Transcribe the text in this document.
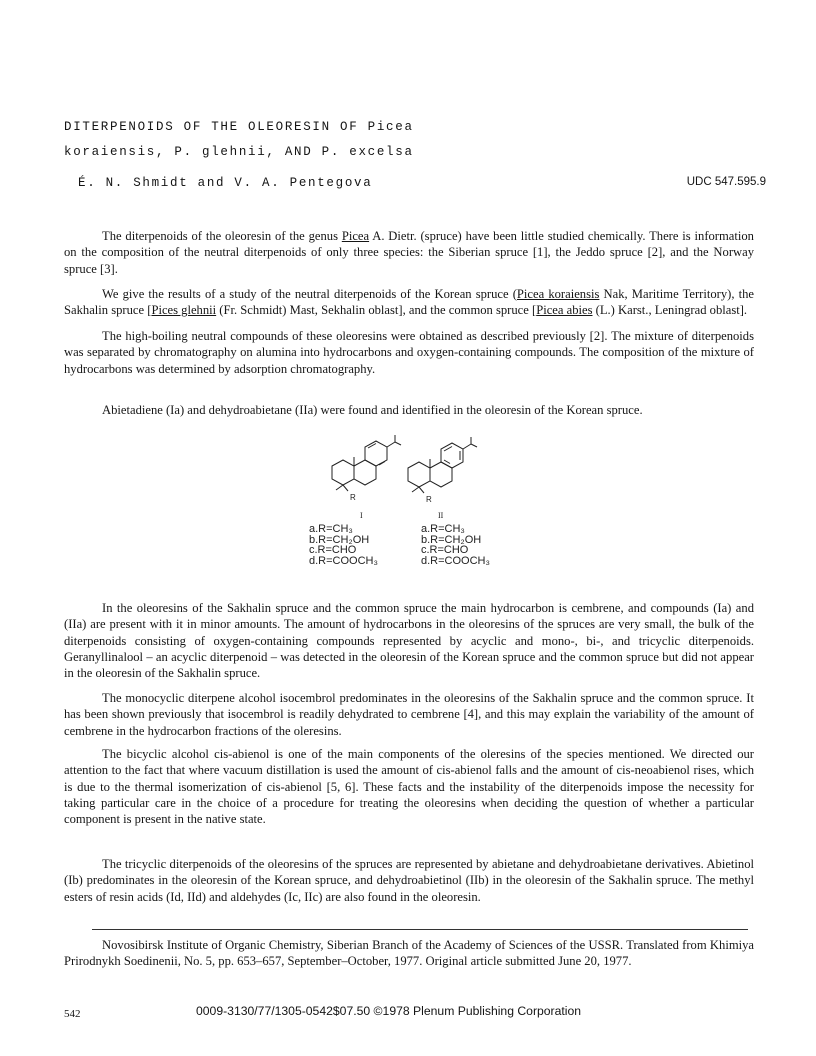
DITERPENOIDS OF THE OLEORESIN OF Picea
koraiensis, P. glehnii, AND P. excelsa
É. N. Shmidt and V. A. Pentegova	UDC 547.595.9

The diterpenoids of the oleoresin of the genus Picea A. Dietr. (spruce) have been little studied chemically. There is information on the composition of the neutral diterpenoids of only three species: the Siberian spruce [1], the Jeddo spruce [2], and the Norway spruce [3].

We give the results of a study of the neutral diterpenoids of the Korean spruce (Picea koraiensis Nak, Maritime Territory), the Sakhalin spruce [Pices glehnii (Fr. Schmidt) Mast, Sekhalin oblast], and the common spruce [Picea abies (L.) Karst., Leningrad oblast].

The high-boiling neutral compounds of these oleoresins were obtained as described previously [2]. The mixture of diterpenoids was separated by chromatography on alumina into hydrocarbons and oxygen-containing compounds. The composition of the mixture of hydrocarbons was determined by adsorption chromatography.

Abietadiene (Ia) and dehydroabietane (IIa) were found and identified in the oleoresin of the Korean spruce.

R
I
R
II
a.R=CH₃
b.R=CH₂OH
c.R=CHO
d.R=COOCH₃
a.R=CH₃
b.R=CH₂OH
c.R=CHO
d.R=COOCH₃

In the oleoresins of the Sakhalin spruce and the common spruce the main hydrocarbon is cembrene, and compounds (Ia) and (IIa) are present with it in minor amounts. The amount of hydrocarbons in the oleoresins of the spruces are very small, the bulk of the diterpenoids consisting of oxygen-containing compounds represented by acyclic and mono-, bi-, and tricyclic diterpenoids. Geranyllinalool – an acyclic diterpenoid – was detected in the oleoresin of the Korean spruce and the common spruce but did not appear in the oleoresin of the Sakhalin spruce.

The monocyclic diterpene alcohol isocembrol predominates in the oleoresins of the Sakhalin spruce and the common spruce. It has been shown previously that isocembrol is readily dehydrated to cembrene [4], and this may explain the variability of the amount of cembrene in the hydrocarbon fractions of the oleresins.

The bicyclic alcohol cis-abienol is one of the main components of the oleresins of the species mentioned. We directed our attention to the fact that where vacuum distillation is used the amount of cis-abienol falls and the amount of cis-neoabienol rises, which is due to the thermal isomerization of cis-abienol [5, 6]. These facts and the instability of the diterpenoids impose the necessity for taking particular care in the choice of a procedure for treating the oleoresins when deciding the question of whether a particular component is present in the native state.

The tricyclic diterpenoids of the oleoresins of the spruces are represented by abietane and dehydroabietane derivatives. Abietinol (Ib) predominates in the oleoresin of the Korean spruce, and dehydroabietinol (IIb) in the oleoresin of the Sakhalin spruce. The methyl esters of resin acids (Id, IId) and aldehydes (Ic, IIc) are also found in the oleoresin.

Novosibirsk Institute of Organic Chemistry, Siberian Branch of the Academy of Sciences of the USSR. Translated from Khimiya Prirodnykh Soedinenii, No. 5, pp. 653–657, September–October, 1977. Original article submitted June 20, 1977.

542	0009-3130/77/1305-0542$07.50 ©1978 Plenum Publishing Corporation
